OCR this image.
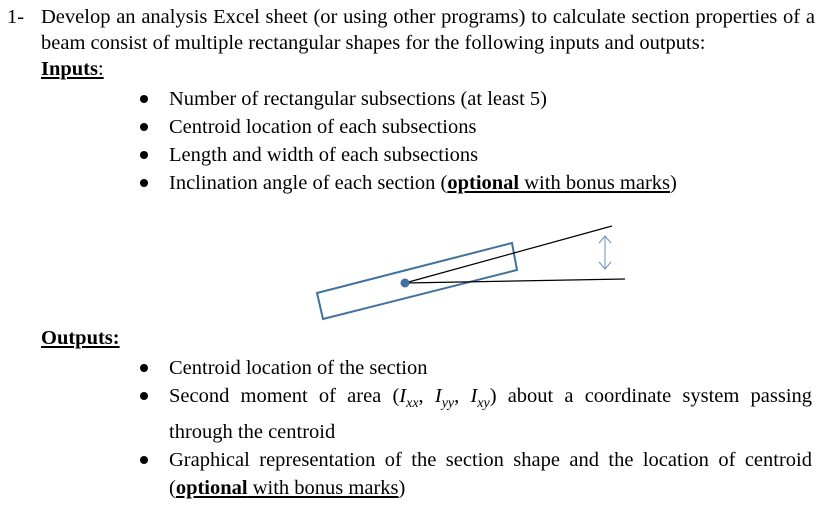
1- Develop an analysis Excel sheet (or using other programs) to calculate section properties of a beam consist of multiple rectangular shapes for the following inputs and outputs:
Inputs:
Number of rectangular subsections (at least 5)
Centroid location of each subsections
Length and width of each subsections
Inclination angle of each section (optional with bonus marks)
Outputs:
Centroid location of the section
Second moment of area ($I_{xx}$, $I_{yy}$, $I_{xy}$) about a coordinate system passing through the centroid
Graphical representation of the section shape and the location of centroid (optional with bonus marks)
